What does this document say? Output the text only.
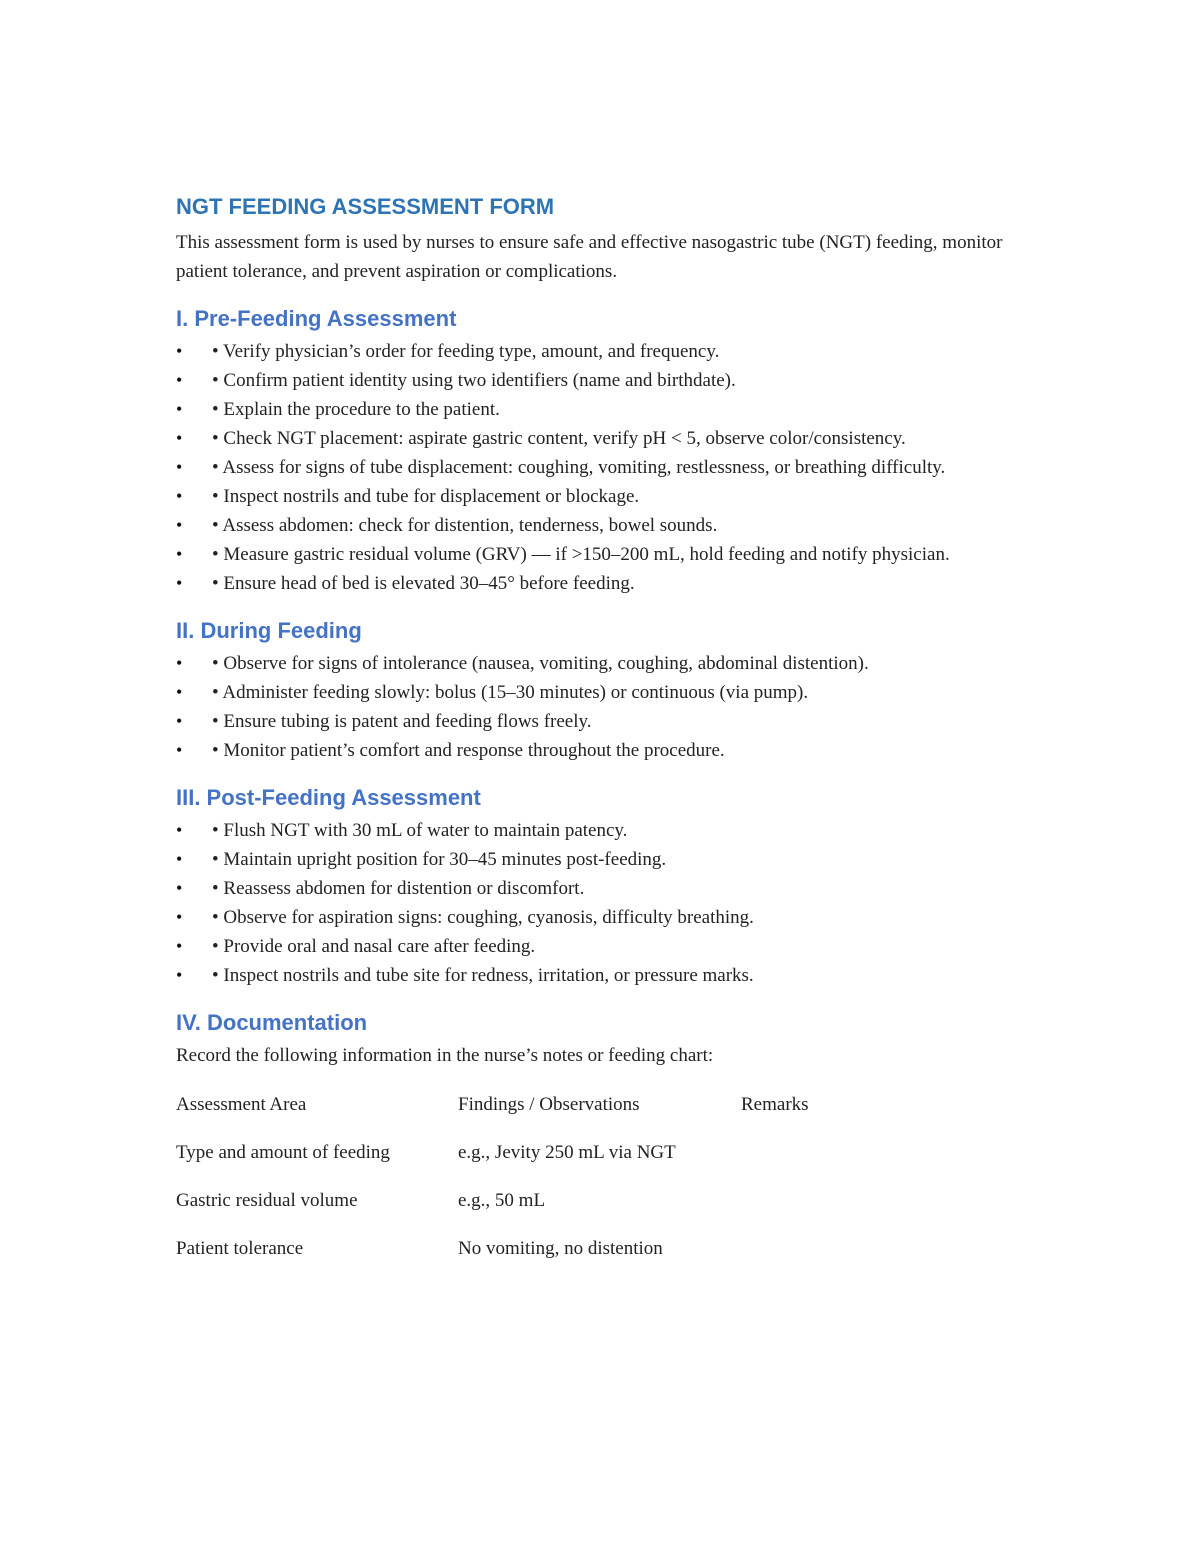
NGT FEEDING ASSESSMENT FORM

This assessment form is used by nurses to ensure safe and effective nasogastric tube (NGT) feeding, monitor patient tolerance, and prevent aspiration or complications.

I. Pre-Feeding Assessment
• • Verify physician’s order for feeding type, amount, and frequency.
• • Confirm patient identity using two identifiers (name and birthdate).
• • Explain the procedure to the patient.
• • Check NGT placement: aspirate gastric content, verify pH < 5, observe color/consistency.
• • Assess for signs of tube displacement: coughing, vomiting, restlessness, or breathing difficulty.
• • Inspect nostrils and tube for displacement or blockage.
• • Assess abdomen: check for distention, tenderness, bowel sounds.
• • Measure gastric residual volume (GRV) — if >150–200 mL, hold feeding and notify physician.
• • Ensure head of bed is elevated 30–45° before feeding.
II. During Feeding
• • Observe for signs of intolerance (nausea, vomiting, coughing, abdominal distention).
• • Administer feeding slowly: bolus (15–30 minutes) or continuous (via pump).
• • Ensure tubing is patent and feeding flows freely.
• • Monitor patient’s comfort and response throughout the procedure.
III. Post-Feeding Assessment
• • Flush NGT with 30 mL of water to maintain patency.
• • Maintain upright position for 30–45 minutes post-feeding.
• • Reassess abdomen for distention or discomfort.
• • Observe for aspiration signs: coughing, cyanosis, difficulty breathing.
• • Provide oral and nasal care after feeding.
• • Inspect nostrils and tube site for redness, irritation, or pressure marks.
IV. Documentation

Record the following information in the nurse’s notes or feeding chart:

Assessment Area	Findings / Observations	Remarks
Type and amount of feeding	e.g., Jevity 250 mL via NGT	
Gastric residual volume	e.g., 50 mL	
Patient tolerance	No vomiting, no distention	
